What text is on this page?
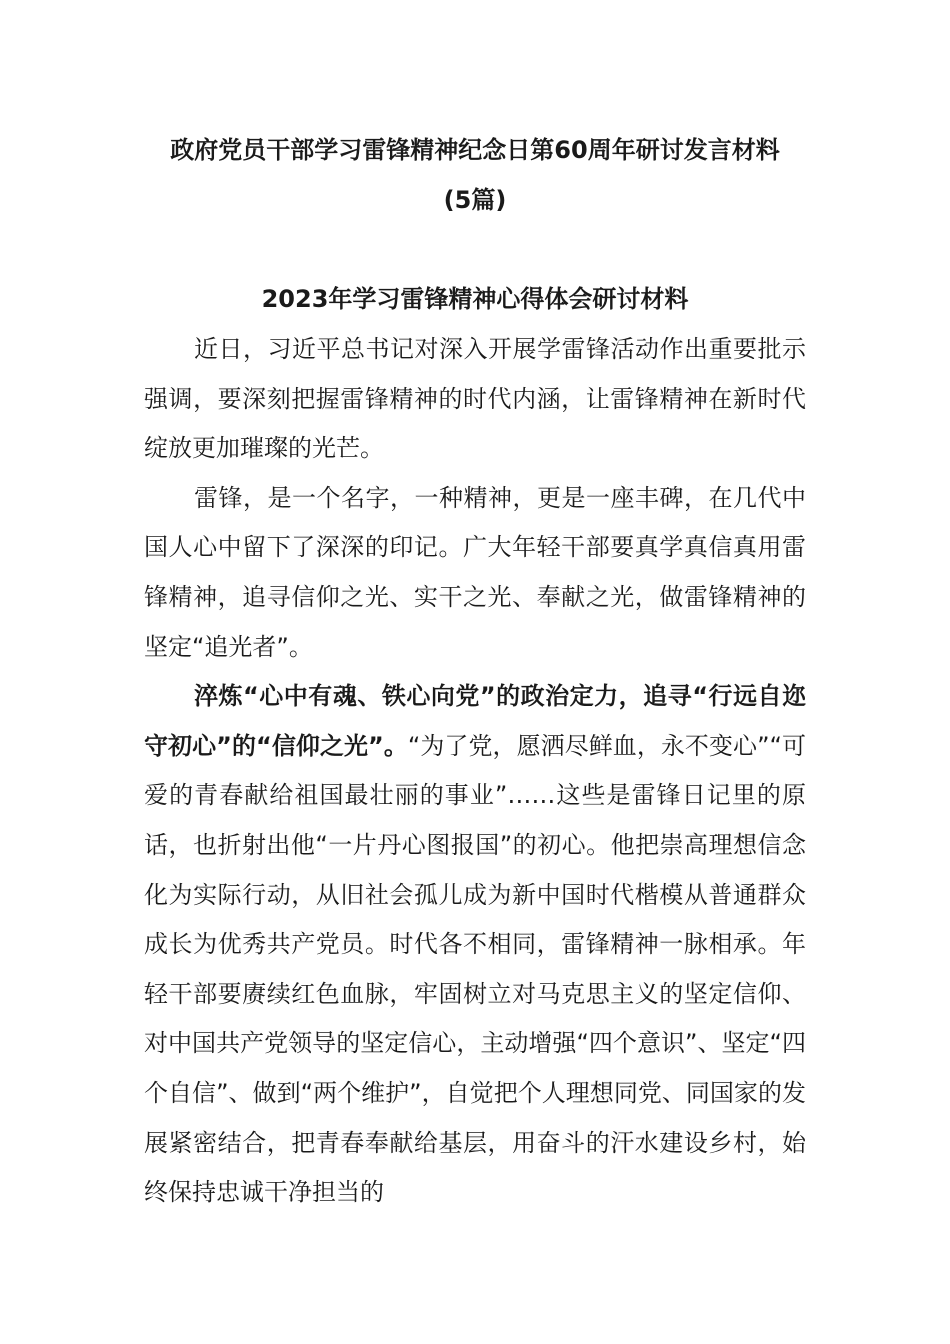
政府党员干部学习雷锋精神纪念日第60周年研讨发言材料
(5篇)
2023年学习雷锋精神心得体会研讨材料

近日，习近平总书记对深入开展学雷锋活动作出重要批示强调，要深刻把握雷锋精神的时代内涵，让雷锋精神在新时代绽放更加璀璨的光芒。

雷锋，是一个名字，一种精神，更是一座丰碑，在几代中国人心中留下了深深的印记。广大年轻干部要真学真信真用雷锋精神，追寻信仰之光、实干之光、奉献之光，做雷锋精神的坚定“追光者”。

淬炼“心中有魂、铁心向党”的政治定力，追寻“行远自迩守初心”的“信仰之光”。“为了党，愿洒尽鲜血，永不变心”“可爱的青春献给祖国最壮丽的事业”……这些是雷锋日记里的原话，也折射出他“一片丹心图报国”的初心。他把崇高理想信念化为实际行动，从旧社会孤儿成为新中国时代楷模从普通群众成长为优秀共产党员。时代各不相同，雷锋精神一脉相承。年轻干部要赓续红色血脉，牢固树立对马克思主义的坚定信仰、对中国共产党领导的坚定信心，主动增强“四个意识”、坚定“四个自信”、做到“两个维护”，自觉把个人理想同党、同国家的发展紧密结合，把青春奉献给基层，用奋斗的汗水建设乡村，始终保持忠诚干净担当的
